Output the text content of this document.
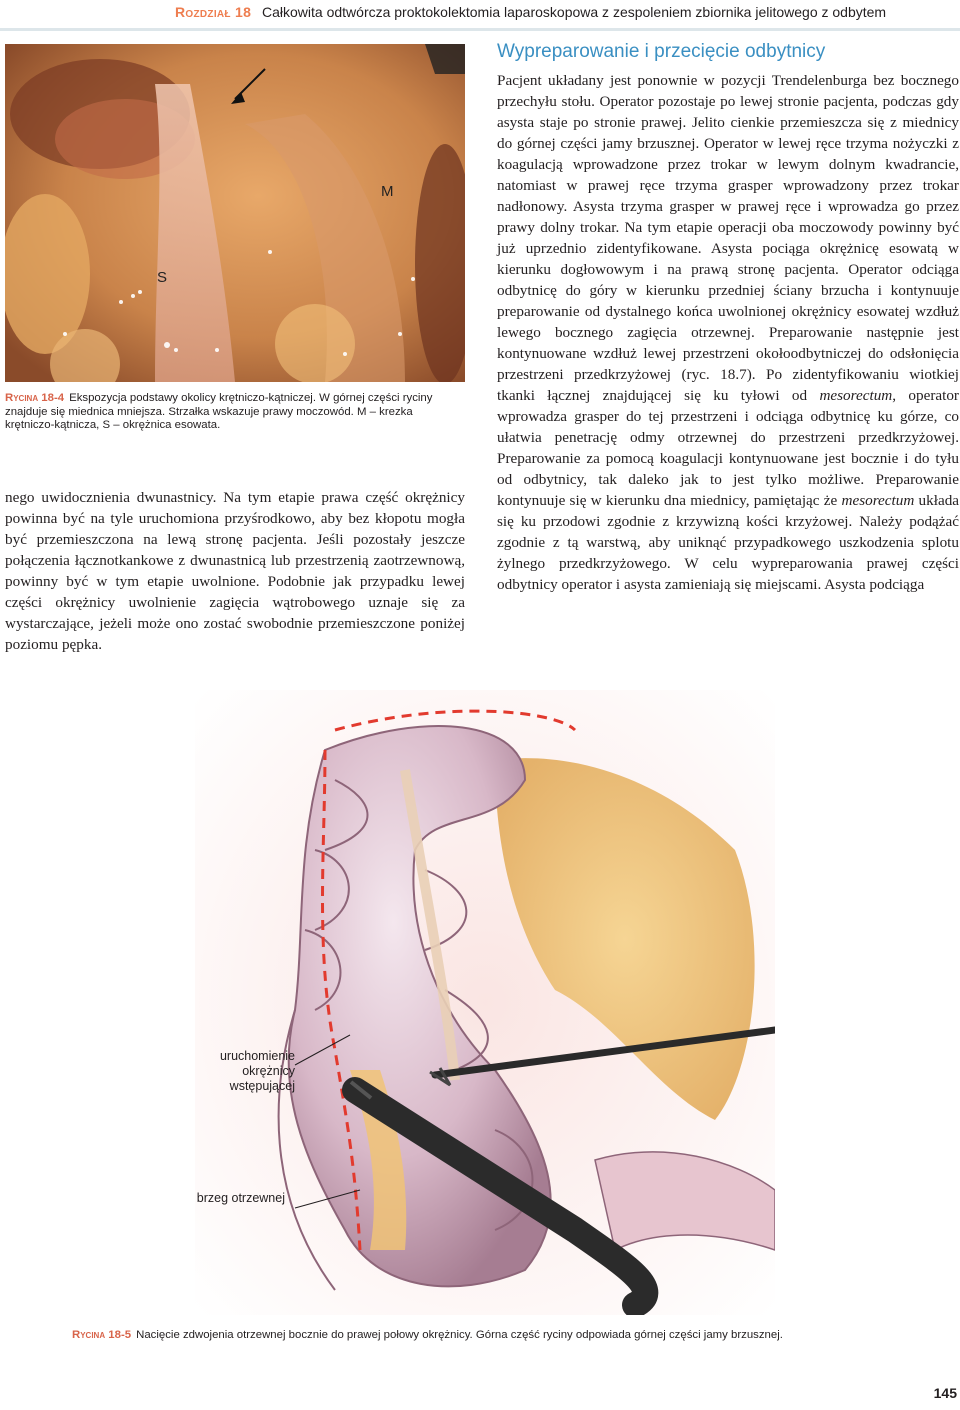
Rozdział 18 Całkowita odtwórcza proktokolektomia laparoskopowa z zespoleniem zbiornika jelitowego z odbytem
M
S
Rycina 18-4 Ekspozycja podstawy okolicy krętniczo-kątniczej. W górnej części ryciny znajduje się miednica mniejsza. Strzałka wskazuje prawy moczowód. M – krezka krętniczo-kątnicza, S – okrężnica esowata.
nego uwidocznienia dwunastnicy. Na tym etapie prawa część okrężnicy powinna być na tyle uruchomiona przyśrodkowo, aby bez kłopotu mogła być przemieszczona na lewą stronę pacjenta. Jeśli pozostały jeszcze połączenia łącznotkankowe z dwunastnicą lub przestrzenią zaotrzewnową, powinny być w tym etapie uwolnione. Podobnie jak przypadku lewej części okrężnicy uwolnienie zagięcia wątrobowego uznaje się za wystarczające, jeżeli może ono zostać swobodnie przemieszczone poniżej poziomu pępka.
Wypreparowanie i przecięcie odbytnicy
Pacjent układany jest ponownie w pozycji Trendelenburga bez bocznego przechyłu stołu. Operator pozostaje po lewej stronie pacjenta, podczas gdy asysta staje po stronie prawej. Jelito cienkie przemieszcza się z miednicy do górnej części jamy brzusznej. Operator w lewej ręce trzyma nożyczki z koagulacją wprowadzone przez trokar w lewym dolnym kwadrancie, natomiast w prawej ręce trzyma grasper wprowadzony przez trokar nadłonowy. Asysta trzyma grasper w prawej ręce i wprowadza go przez prawy dolny trokar. Na tym etapie operacji oba moczowody powinny być już uprzednio zidentyfikowane. Asysta pociąga okrężnicę esowatą w kierunku dogłowowym i na prawą stronę pacjenta. Operator odciąga odbytnicę do góry w kierunku przedniej ściany brzucha i kontynuuje preparowanie od dystalnego końca uwolnionej okrężnicy esowatej wzdłuż lewego bocznego zagięcia otrzewnej. Preparowanie następnie jest kontynuowane wzdłuż lewej przestrzeni okołoodbytniczej do odsłonięcia przestrzeni przedkrzyżowej (ryc. 18.7). Po zidentyfikowaniu wiotkiej tkanki łącznej znajdującej się ku tyłowi od mesorectum, operator wprowadza grasper do tej przestrzeni i odciąga odbytnicę ku górze, co ułatwia penetrację odmy otrzewnej do przestrzeni przedkrzyżowej. Preparowanie za pomocą koagulacji kontynuowane jest bocznie i do tyłu od odbytnicy, tak daleko jak to jest tylko możliwe. Preparowanie kontynuuje się w kierunku dna miednicy, pamiętając że mesorectum układa się ku przodowi zgodnie z krzywizną kości krzyżowej. Należy podążać zgodnie z tą warstwą, aby uniknąć przypadkowego uszkodzenia splotu żylnego przedkrzyżowego. W celu wypreparowania prawej części odbytnicy operator i asysta zamieniają się miejscami. Asysta podciąga
uruchomienie okrężnicy wstępującej
brzeg otrzewnej
Rycina 18-5 Nacięcie zdwojenia otrzewnej bocznie do prawej połowy okrężnicy. Górna część ryciny odpowiada górnej części jamy brzusznej.
145
